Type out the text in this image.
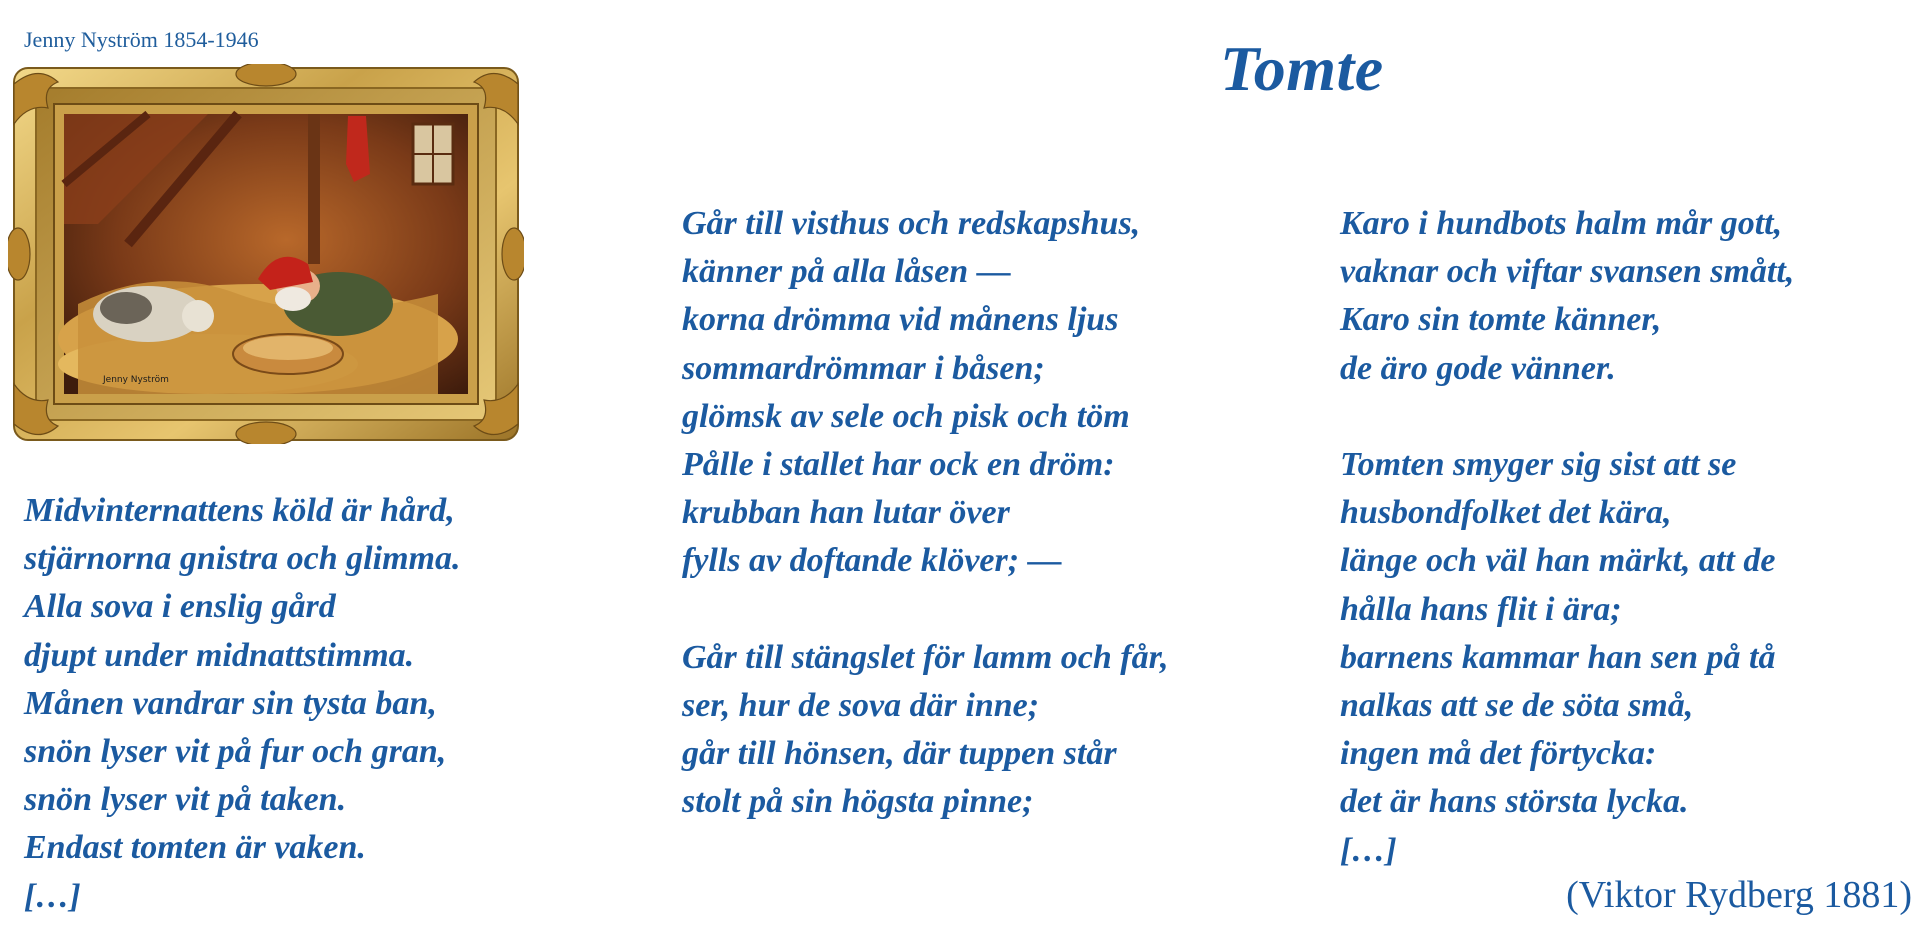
Jenny Nyström 1854-1946
Jenny Nyström
Tomte
Midvinternattens köld är hård,
stjärnorna gnistra och glimma.
Alla sova i enslig gård
djupt under midnattstimma.
Månen vandrar sin tysta ban,
snön lyser vit på fur och gran,
snön lyser vit på taken.
Endast tomten är vaken.
[…]
Går till visthus och redskapshus,
känner på alla låsen —
korna drömma vid månens ljus
sommardrömmar i båsen;
glömsk av sele och pisk och töm
Pålle i stallet har ock en dröm:
krubban han lutar över
fylls av doftande klöver; —
Går till stängslet för lamm och får,
ser, hur de sova där inne;
går till hönsen, där tuppen står
stolt på sin högsta pinne;
Karo i hundbots halm mår gott,
vaknar och viftar svansen smått,
Karo sin tomte känner,
de äro gode vänner.
Tomten smyger sig sist att se
husbondfolket det kära,
länge och väl han märkt, att de
hålla hans flit i ära;
barnens kammar han sen på tå
nalkas att se de söta små,
ingen må det förtycka:
det är hans största lycka.
[…]
(Viktor Rydberg 1881)
